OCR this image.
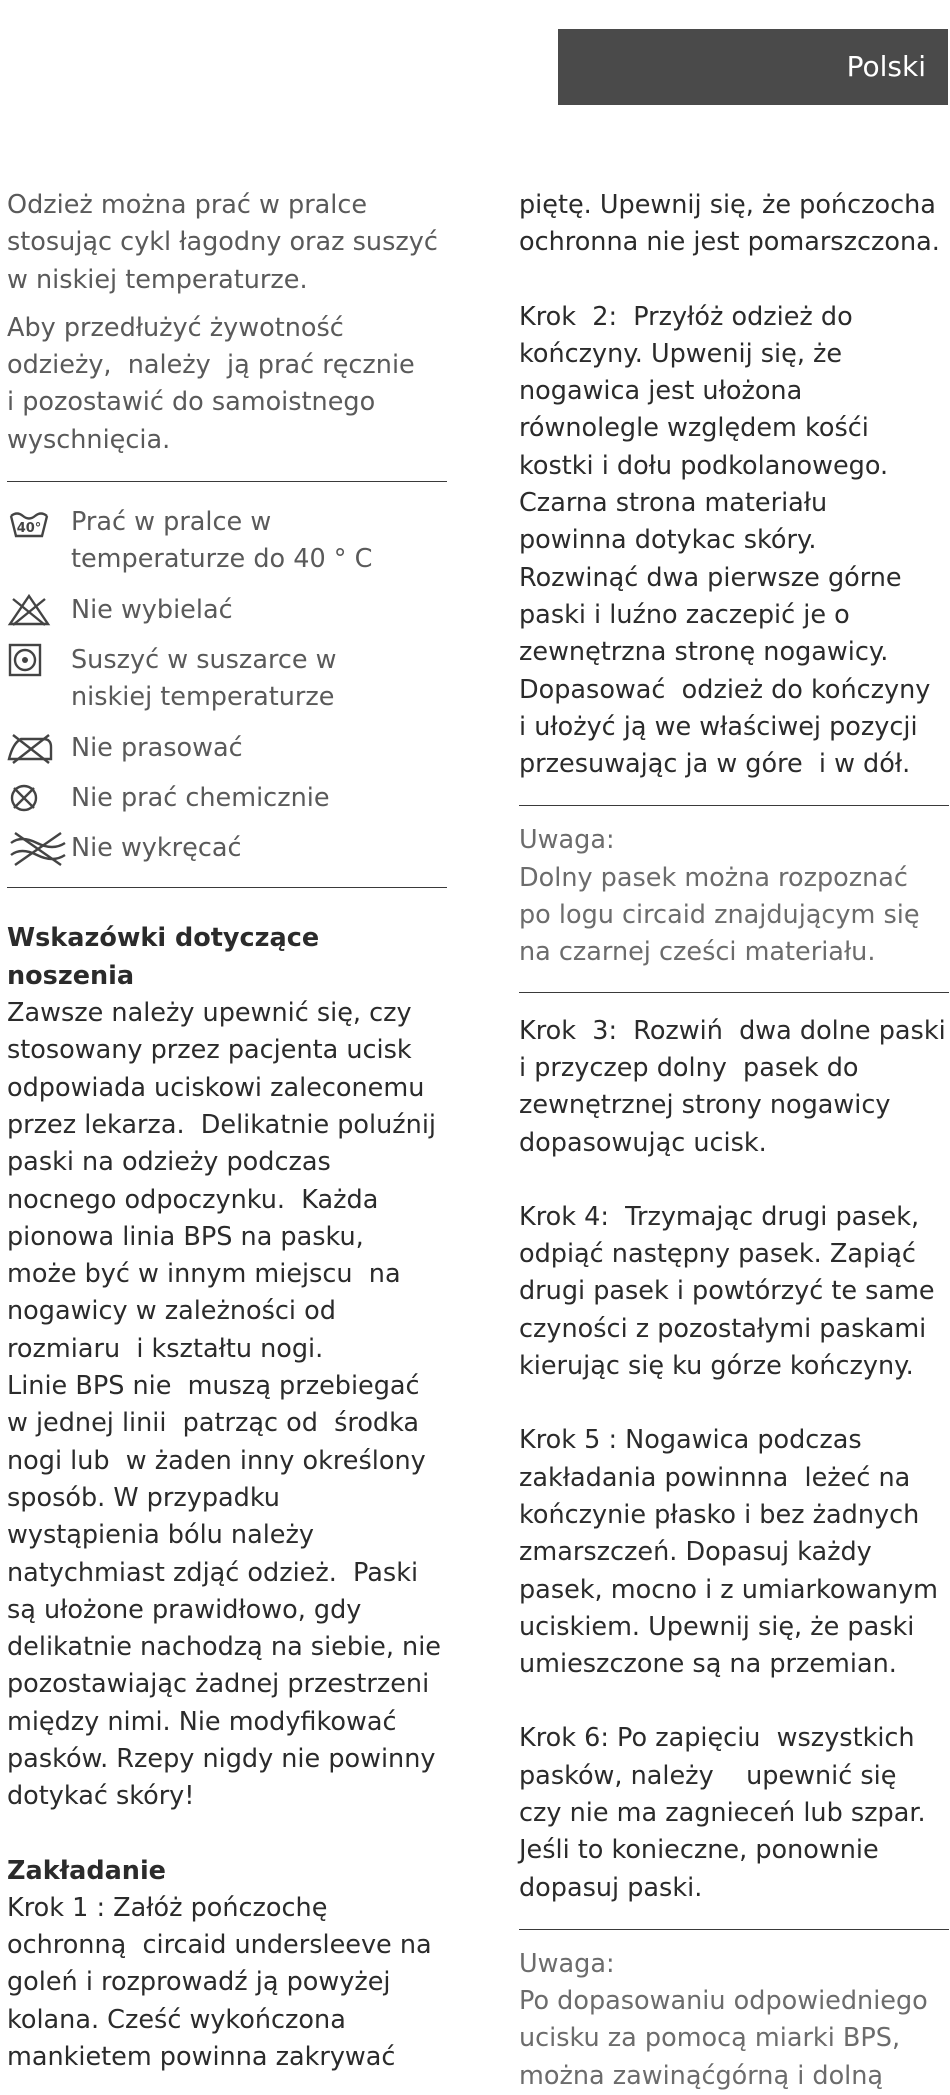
Polski

Odzież można prać w pralce

stosując cykl łagodny oraz suszyć

w niskiej temperaturze.

Aby przedłużyć żywotność

odzieży,  należy  ją prać ręcznie

i pozostawić do samoistnego

wyschnięcia.

40° Prać w pralce w

temperaturze do 40 ° C

Nie wybielać

Suszyć w suszarce w

niskiej temperaturze

Nie prasować

Nie prać chemicznie

Nie wykręcać

Wskazówki dotyczące
noszenia

Zawsze należy upewnić się, czy

stosowany przez pacjenta ucisk

odpowiada uciskowi zaleconemu

przez lekarza.  Delikatnie poluźnij

paski na odzieży podczas

nocnego odpoczynku.  Każda

pionowa linia BPS na pasku,

może być w innym miejscu  na

nogawicy w zależności od

rozmiaru  i kształtu nogi.

Linie BPS nie  muszą przebiegać

w jednej linii  patrząc od  środka

nogi lub  w żaden inny określony

sposób. W przypadku

wystąpienia bólu należy

natychmiast zdjąć odzież.  Paski

są ułożone prawidłowo, gdy

delikatnie nachodzą na siebie, nie

pozostawiając żadnej przestrzeni

między nimi. Nie modyfikować

pasków. Rzepy nigdy nie powinny

dotykać skóry!

Zakładanie

Krok 1 : Załóż pończochę

ochronną  circaid undersleeve na

goleń i rozprowadź ją powyżej

kolana. Cześć wykończona

mankietem powinna zakrywać

piętę. Upewnij się, że pończocha

ochronna nie jest pomarszczona.

Krok  2:  Przyłóż odzież do

kończyny. Upwenij się, że

nogawica jest ułożona

równolegle względem kośći

kostki i dołu podkolanowego.

Czarna strona materiału

powinna dotykac skóry.

Rozwinąć dwa pierwsze górne

paski i luźno zaczepić je o

zewnętrzna stronę nogawicy.

Dopasować  odzież do kończyny

i ułożyć ją we właściwej pozycji

przesuwając ja w góre  i w dół.

Uwaga:

Dolny pasek można rozpoznać

po logu circaid znajdującym się

na czarnej cześci materiału.

Krok  3:  Rozwiń  dwa dolne paski

i przyczep dolny  pasek do

zewnętrznej strony nogawicy

dopasowując ucisk.

Krok 4:  Trzymając drugi pasek,

odpiąć następny pasek. Zapiąć

drugi pasek i powtórzyć te same

czyności z pozostałymi paskami

kierując się ku górze kończyny.

Krok 5 : Nogawica podczas

zakładania powinnna  leżeć na

kończynie płasko i bez żadnych

zmarszczeń. Dopasuj każdy

pasek, mocno i z umiarkowanym

uciskiem. Upewnij się, że paski

umieszczone są na przemian.

Krok 6: Po zapięciu  wszystkich

pasków, należy    upewnić się

czy nie ma zagnieceń lub szpar.

Jeśli to konieczne, ponownie

dopasuj paski.

Uwaga:

Po dopasowaniu odpowiedniego

ucisku za pomocą miarki BPS,

można zawinąćgórną i dolną
